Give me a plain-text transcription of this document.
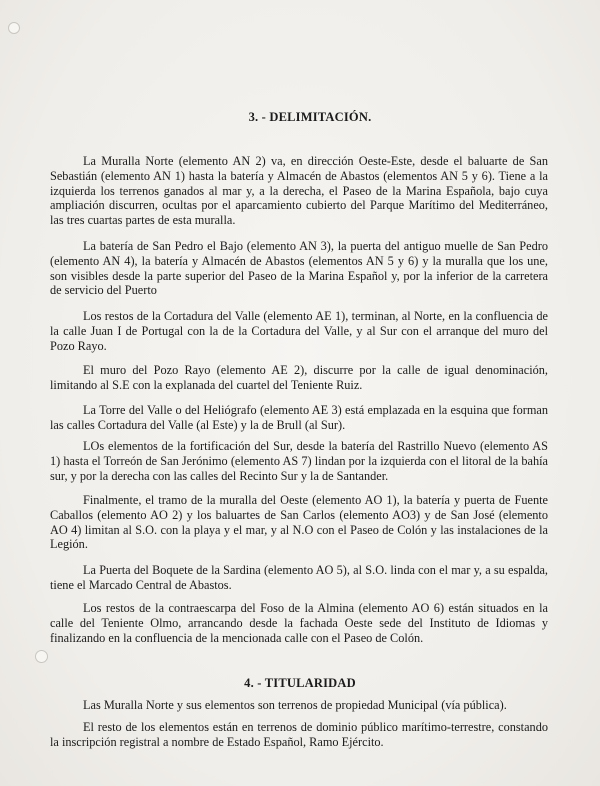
3. - DELIMITACIÓN.

La Muralla Norte (elemento AN 2) va, en dirección Oeste-Este, desde el baluarte de San Sebastián (elemento AN 1) hasta la batería y Almacén de Abastos (elementos AN 5 y 6). Tiene a la izquierda los terrenos ganados al mar y, a la derecha, el Paseo de la Marina Española, bajo cuya ampliación discurren, ocultas por el aparcamiento cubierto del Parque Marítimo del Mediterráneo, las tres cuartas partes de esta muralla.

La batería de San Pedro el Bajo (elemento AN 3), la puerta del antiguo muelle de San Pedro (elemento AN 4), la batería y Almacén de Abastos (elementos AN 5 y 6) y la muralla que los une, son visibles desde la parte superior del Paseo de la Marina Español y, por la inferior de la carretera de servicio del Puerto

Los restos de la Cortadura del Valle (elemento AE 1), terminan, al Norte, en la confluencia de la calle Juan I de Portugal con la de la Cortadura del Valle, y al Sur con el arranque del muro del Pozo Rayo.

El muro del Pozo Rayo (elemento AE 2), discurre por la calle de igual denominación, limitando al S.E con la explanada del cuartel del Teniente Ruiz.

La Torre del Valle o del Heliógrafo (elemento AE 3) está emplazada en la esquina que forman las calles Cortadura del Valle (al Este) y la de Brull (al Sur).

LOs elementos de la fortificación del Sur, desde la batería del Rastrillo Nuevo (elemento AS 1) hasta el Torreón de San Jerónimo (elemento AS 7) lindan por la izquierda con el litoral de la bahía sur, y por la derecha con las calles del Recinto Sur y la de Santander.

Finalmente, el tramo de la muralla del Oeste (elemento AO 1), la batería y puerta de Fuente Caballos (elemento AO 2) y los baluartes de San Carlos (elemento AO3) y de San José (elemento AO 4) limitan al S.O. con la playa y el mar, y al N.O con el Paseo de Colón y las instalaciones de la Legión.

La Puerta del Boquete de la Sardina (elemento AO 5), al S.O. linda con el mar y, a su espalda, tiene el Marcado Central de Abastos.

Los restos de la contraescarpa del Foso de la Almina (elemento AO 6) están situados en la calle del Teniente Olmo, arrancando desde la fachada Oeste sede del Instituto de Idiomas y finalizando en la confluencia de la mencionada calle con el Paseo de Colón.

4. - TITULARIDAD

Las Muralla Norte y sus elementos son terrenos de propiedad Municipal (vía pública).

El resto de los elementos están en terrenos de dominio público marítimo-terrestre, constando la inscripción registral a nombre de Estado Español, Ramo Ejército.
